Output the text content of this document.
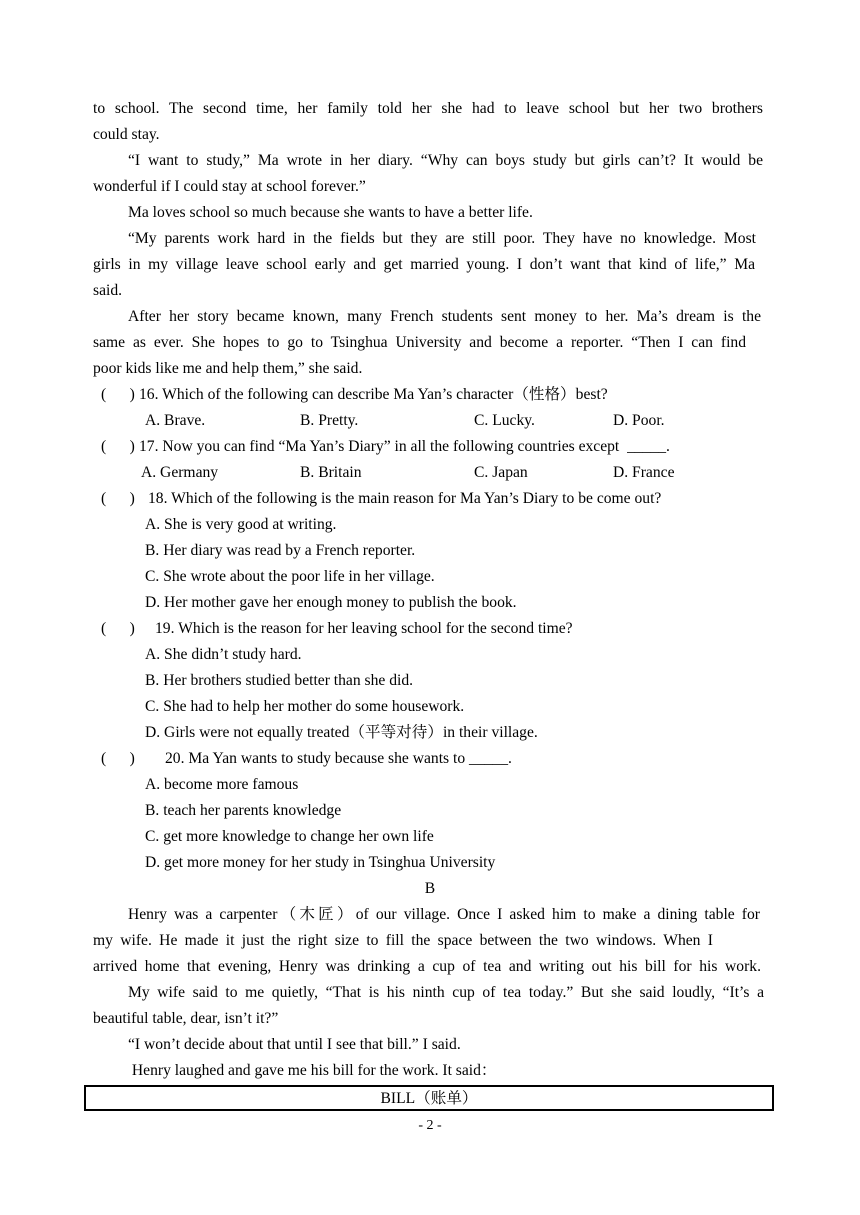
to school. The second time, her family told her she had to leave school but her two brothers
could stay.
“I want to study,” Ma wrote in her diary. “Why can boys study but girls can’t? It would be
wonderful if I could stay at school forever.”
Ma loves school so much because she wants to have a better life.
“My parents work hard in the fields but they are still poor. They have no knowledge. Most
girls in my village leave school early and get married young. I don’t want that kind of life,” Ma
said.
After her story became known, many French students sent money to her. Ma’s dream is the
same as ever. She hopes to go to Tsinghua University and become a reporter. “Then I can find
poor kids like me and help them,” she said.
(      ) 16. Which of the following can describe Ma Yan’s character（性格）best?
A. Brave.	B. Pretty.	C. Lucky.	D. Poor.
(      ) 17. Now you can find “Ma Yan’s Diary” in all the following countries except  _____.
A. Germany	B. Britain	C. Japan	D. France
(      ) 18. Which of the following is the main reason for Ma Yan’s Diary to be come out?
A. She is very good at writing.
B. Her diary was read by a French reporter.
C. She wrote about the poor life in her village.
D. Her mother gave her enough money to publish the book.
(      ) 19. Which is the reason for her leaving school for the second time?
A. She didn’t study hard.
B. Her brothers studied better than she did.
C. She had to help her mother do some housework.
D. Girls were not equally treated（平等对待）in their village.
(      ) 20. Ma Yan wants to study because she wants to _____.
A. become more famous
B. teach her parents knowledge
C. get more knowledge to change her own life
D. get more money for her study in Tsinghua University
B
Henry was a carpenter（木匠）of our village. Once I asked him to make a dining table for
my wife. He made it just the right size to fill the space between the two windows. When I
arrived home that evening, Henry was drinking a cup of tea and writing out his bill for his work.
My wife said to me quietly, “That is his ninth cup of tea today.” But she said loudly, “It’s a
beautiful table, dear, isn’t it?”
“I won’t decide about that until I see that bill.” I said.
Henry laughed and gave me his bill for the work. It said：
BILL（账单）
- 2 -
